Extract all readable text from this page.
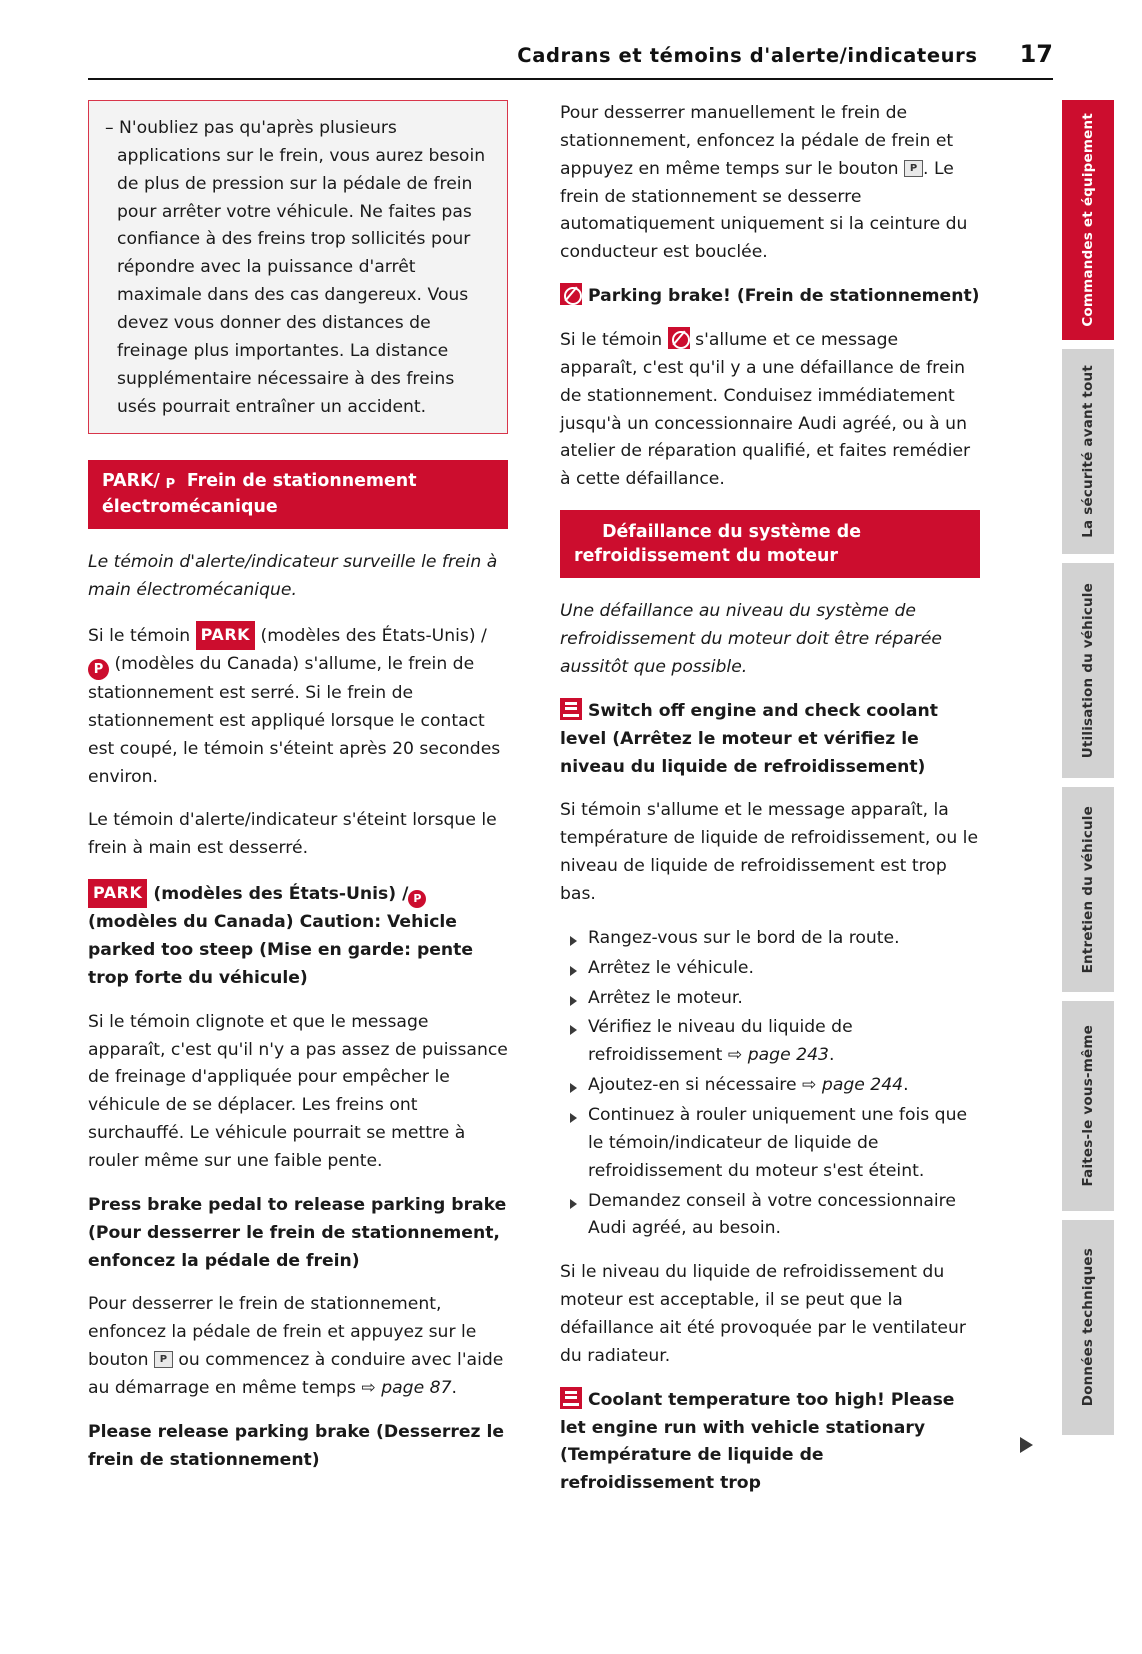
Cadrans et témoins d'alerte/indicateurs 17

– N'oubliez pas qu'après plusieurs applications sur le frein, vous aurez besoin de plus de pression sur la pédale de frein pour arrêter votre véhicule. Ne faites pas confiance à des freins trop sollicités pour répondre avec la puissance d'arrêt maximale dans des cas dangereux. Vous devez vous donner des distances de freinage plus importantes. La distance supplémentaire nécessaire à des freins usés pourrait entraîner un accident.

PARK/ P Frein de stationnement électromécanique

Le témoin d'alerte/indicateur surveille le frein à main électromécanique.

Si le témoin PARK (modèles des États-Unis) / P (modèles du Canada) s'allume, le frein de stationnement est serré. Si le frein de stationnement est appliqué lorsque le contact est coupé, le témoin s'éteint après 20 secondes environ.

Le témoin d'alerte/indicateur s'éteint lorsque le frein à main est desserré.

PARK (modèles des États-Unis) / P (modèles du Canada) Caution: Vehicle parked too steep (Mise en garde: pente trop forte du véhicule)

Si le témoin clignote et que le message apparaît, c'est qu'il n'y a pas assez de puissance de freinage d'appliquée pour empêcher le véhicule de se déplacer. Les freins ont surchauffé. Le véhicule pourrait se mettre à rouler même sur une faible pente.

Press brake pedal to release parking brake (Pour desserrer le frein de stationnement, enfoncez la pédale de frein)

Pour desserrer le frein de stationnement, enfoncez la pédale de frein et appuyez sur le bouton P ou commencez à conduire avec l'aide au démarrage en même temps ⇨ page 87.

Please release parking brake (Desserrez le frein de stationnement)

Pour desserrer manuellement le frein de stationnement, enfoncez la pédale de frein et appuyez en même temps sur le bouton P. Le frein de stationnement se desserre automatiquement uniquement si la ceinture du conducteur est bouclée.

Parking brake! (Frein de stationnement)

Si le témoin  s'allume et ce message apparaît, c'est qu'il y a une défaillance de frein de stationnement. Conduisez immédiatement jusqu'à un concessionnaire Audi agréé, ou à un atelier de réparation qualifié, et faites remédier à cette défaillance.

Défaillance du système de refroidissement du moteur

Une défaillance au niveau du système de refroidissement du moteur doit être réparée aussitôt que possible.

Switch off engine and check coolant level (Arrêtez le moteur et vérifiez le niveau du liquide de refroidissement)

Si témoin s'allume et le message apparaît, la température de liquide de refroidissement, ou le niveau de liquide de refroidissement est trop bas.

Rangez-vous sur le bord de la route.
Arrêtez le véhicule.
Arrêtez le moteur.
Vérifiez le niveau du liquide de refroidissement ⇨ page 243.
Ajoutez-en si nécessaire ⇨ page 244.
Continuez à rouler uniquement une fois que le témoin/indicateur de liquide de refroidissement du moteur s'est éteint.
Demandez conseil à votre concessionnaire Audi agréé, au besoin.

Si le niveau du liquide de refroidissement du moteur est acceptable, il se peut que la défaillance ait été provoquée par le ventilateur du radiateur.

Coolant temperature too high! Please let engine run with vehicle stationary (Température de liquide de refroidissement trop

Commandes et équipement
La sécurité avant tout
Utilisation du véhicule
Entretien du véhicule
Faites-le vous-même
Données techniques
